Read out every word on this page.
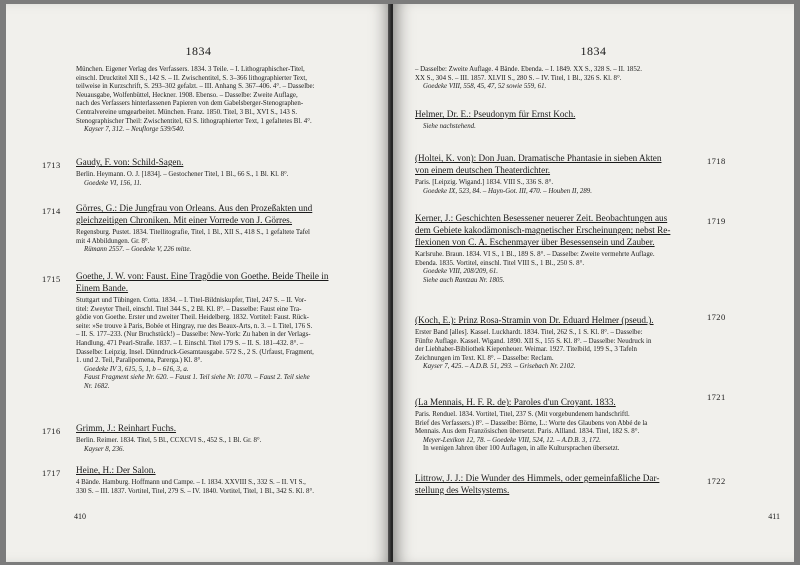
1834
München. Eigener Verlag des Verfassers. 1834. 3 Teile. – I. Lithographischer-Titel,
einschl. Drucktitel XII S., 142 S. – II. Zwischentitel, S. 3–366 lithographierter Text,
teilweise in Kurzschrift, S. 293–302 gefalzt. – III. Anhang S. 367–406. 4°. – Dasselbe:
Neuausgabe, Wolfenbüttel, Heckner. 1908. Ebenso. – Dasselbe: Zweite Auflage,
nach des Verfassers hinterlassenen Papieren von dem Gabelsberger-Stenographen-
Centralvereine umgearbeitet. München. Franz. 1850. Titel, 3 Bl., XVI S., 143 S.
Stenographischer Theil: Zwischentitel, 63 S. lithographierter Text, 1 gefaltetes Bl. 4°.
Kayser 7, 312. – Neuflorge 539/540.
1713 Gaudy, F. von: Schild-Sagen.
Berlin. Heymann. O. J. [1834]. – Gestochener Titel, 1 Bl., 66 S., 1 Bl. Kl. 8°.
Goedeke VI, 156, 11.
1714 Görres, G.: Die Jungfrau von Orleans. Aus den Prozeßakten und
gleichzeitigen Chroniken. Mit einer Vorrede von J. Görres.
Regensburg. Pustet. 1834. Titellitografie, Titel, 1 Bl., XII S., 418 S., 1 gefaltete Tafel
mit 4 Abbildungen. Gr. 8°.
Rümann 2557. – Goedeke V, 226 mitte.
1715 Goethe, J. W. von: Faust. Eine Tragödie von Goethe. Beide Theile in
Einem Bande.
Stuttgart und Tübingen. Cotta. 1834. – I. Titel-Bildniskupfer, Titel, 247 S. – II. Vor-
titel: Zweyter Theil, einschl. Titel 344 S., 2 Bl. Kl. 8°. – Dasselbe: Faust eine Tra-
gödie von Goethe. Erster und zweiter Theil. Heidelberg. 1832. Vortitel: Faust. Rück-
seite: »Se trouve à Paris, Bobée et Hingray, rue des Beaux-Arts, n. 3. – I. Titel, 176 S.
– II. S. 177–233. (Nur Bruchstück!) – Dasselbe: New-York: Zu haben in der Verlags-
Handlung, 471 Pearl-Straße. 1837. – I. Einschl. Titel 179 S. – II. S. 181–432. 8°. –
Dasselbe: Leipzig. Insel. Dünndruck-Gesamtausgabe. 572 S., 2 S. (Urfaust, Fragment,
1. und 2. Teil, Paralipomena, Parerga.) Kl. 8°.
Goedeke IV 3, 615, 5, 1, b – 616, 3, a.
Faust Fragment siehe Nr. 620. – Faust 1. Teil siehe Nr. 1070. – Faust 2. Teil siehe
Nr. 1682.
1716 Grimm, J.: Reinhart Fuchs.
Berlin. Reimer. 1834. Titel, 5 Bl., CCXCVI S., 452 S., 1 Bl. Gr. 8°.
Kayser 8, 236.
1717 Heine, H.: Der Salon.
4 Bände. Hamburg. Hoffmann und Campe. – I. 1834. XXVIII S., 332 S. – II. VI S.,
330 S. – III. 1837. Vortitel, Titel, 279 S. – IV. 1840. Vortitel, Titel, 1 Bl., 342 S. Kl. 8°.
410
1834
– Dasselbe: Zweite Auflage. 4 Bände. Ebenda. – I. 1849. XX S., 328 S. – II. 1852.
XX S., 304 S. – III. 1857. XLVII S., 280 S. – IV. Titel, 1 Bl., 326 S. Kl. 8°.
Goedeke VIII, 558, 45, 47, 52 sowie 559, 61.
Helmer, Dr. E.: Pseudonym für Ernst Koch.
Siehe nachstehend.
1718
(Holtei, K. von): Don Juan. Dramatische Phantasie in sieben Akten
von einem deutschen Theaterdichter.
Paris. [Leipzig. Wigand.] 1834. VIII S., 336 S. 8°.
Goedeke IX, 523, 84. – Hayn-Got. III, 470. – Houben II, 289.
1719
Kerner, J.: Geschichten Besessener neuerer Zeit. Beobachtungen aus
dem Gebiete kakodämonisch-magnetischer Erscheinungen; nebst Re-
flexionen von C. A. Eschenmayer über Besessensein und Zauber.
Karlsruhe. Braun. 1834. VI S., 1 Bl., 189 S. 8°. – Dasselbe: Zweite vermehrte Auflage.
Ebenda. 1835. Vortitel, einschl. Titel VIII S., 1 Bl., 250 S. 8°.
Goedeke VIII, 208/209, 61.
Siehe auch Rantzau Nr. 1805.
1720
(Koch, E.): Prinz Rosa-Stramin von Dr. Eduard Helmer (pseud.).
Erster Band [alles]. Kassel. Luckhardt. 1834. Titel, 262 S., 1 S. Kl. 8°. – Dasselbe:
Fünfte Auflage. Kassel. Wigand. 1890. XII S., 155 S. Kl. 8°. – Dasselbe: Neudruck in
der Liebhaber-Bibliothek Kiepenheuer. Weimar. 1927. Titelbild, 199 S., 3 Tafeln
Zeichnungen im Text. Kl. 8°. – Dasselbe: Reclam.
Kayser 7, 425. – A.D.B. 51, 293. – Grisebach Nr. 2102.
1721
(La Mennais, H. F. R. de): Paroles d'un Croyant. 1833.
Paris. Renduel. 1834. Vortitel, Titel, 237 S. (Mit vorgebundenem handschriftl.
Brief des Verfassers.) 8°. – Dasselbe: Börne, L.: Worte des Glaubens von Abbé de la
Mennais. Aus dem Französischen übersetzt. Paris. Allland. 1834. Titel, 182 S. 8°.
Meyer-Lexikon 12, 78. – Goedeke VIII, 524, 12. – A.D.B. 3, 172.
In wenigen Jahren über 100 Auflagen, in alle Kultursprachen übersetzt.
1722
Littrow, J. J.: Die Wunder des Himmels, oder gemeinfaßliche Dar-
stellung des Weltsystems.
411
